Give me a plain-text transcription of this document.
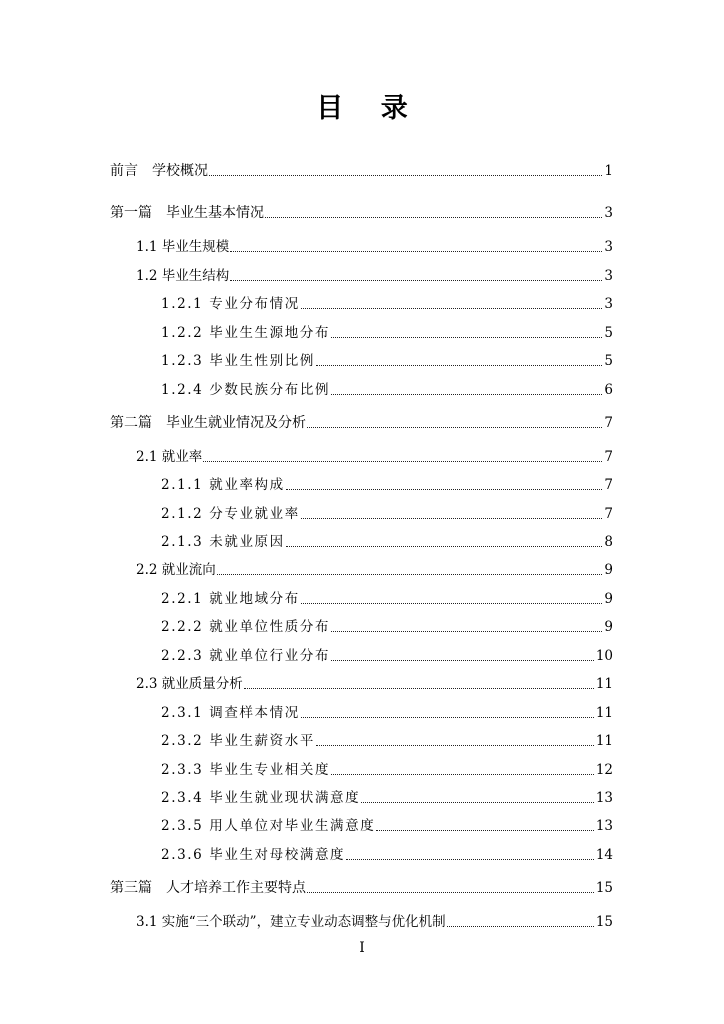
目 录
前言　学校概况	1
第一篇　毕业生基本情况	3
1.1 毕业生规模	3
1.2 毕业生结构	3
1.2.1 专业分布情况	3
1.2.2 毕业生生源地分布	5
1.2.3 毕业生性别比例	5
1.2.4 少数民族分布比例	6
第二篇　毕业生就业情况及分析	7
2.1 就业率	7
2.1.1 就业率构成	7
2.1.2 分专业就业率	7
2.1.3 未就业原因	8
2.2 就业流向	9
2.2.1 就业地域分布	9
2.2.2 就业单位性质分布	9
2.2.3 就业单位行业分布	10
2.3 就业质量分析	11
2.3.1 调查样本情况	11
2.3.2 毕业生薪资水平	11
2.3.3 毕业生专业相关度	12
2.3.4 毕业生就业现状满意度	13
2.3.5 用人单位对毕业生满意度	13
2.3.6 毕业生对母校满意度	14
第三篇　人才培养工作主要特点	15
3.1 实施“三个联动”，建立专业动态调整与优化机制	15
I
